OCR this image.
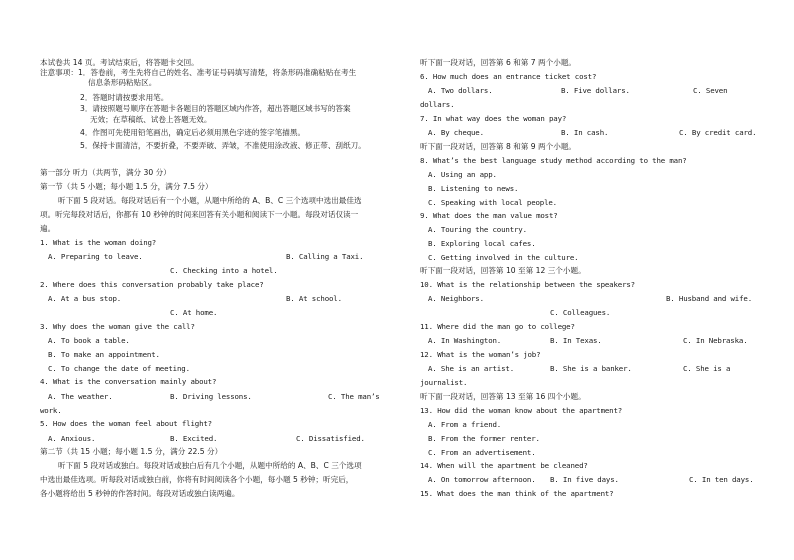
本试卷共 14 页。考试结束后，将答题卡交回。
注意事项：1．答卷前，考生先将自己的姓名、准考证号码填写清楚，将条形码准确粘贴在考生
信息条形码粘贴区。
2．答题时请按要求用笔。
3．请按照题号顺序在答题卡各题目的答题区域内作答，超出答题区域书写的答案
无效；在草稿纸、试卷上答题无效。
4．作图可先使用铅笔画出，确定后必须用黑色字迹的签字笔描黑。
5．保持卡面清洁，不要折叠，不要弄破、弄皱，不准使用涂改液、修正带、刮纸刀。
第一部分 听力（共两节，满分 30 分）
第一节（共 5 小题；每小题 1.5 分，满分 7.5 分）
听下面 5 段对话。每段对话后有一个小题，从题中所给的 A、B、C 三个选项中选出最佳选
项。听完每段对话后，你都有 10 秒钟的时间来回答有关小题和阅读下一小题。每段对话仅读一
遍。
1. What is the woman doing?
A. Preparing to leave.	B. Calling a Taxi.
C. Checking into a hotel.
2. Where does this conversation probably take place?
A. At a bus stop.	B. At school.
C. At home.
3. Why does the woman give the call?
A. To book a table.
B. To make an appointment.
C. To change the date of meeting.
4. What is the conversation mainly about?
A. The weather.	B. Driving lessons.	C. The man’s
work.
5. How does the woman feel about flight?
A. Anxious.	B. Excited.	C. Dissatisfied.
第二节（共 15 小题；每小题 1.5 分，满分 22.5 分）
听下面 5 段对话或独白。每段对话或独白后有几个小题，从题中所给的 A、B、C 三个选项
中选出最佳选项。听每段对话或独白前，你将有时间阅读各个小题，每小题 5 秒钟；听完后，
各小题将给出 5 秒钟的作答时间。每段对话或独白读两遍。
听下面一段对话，回答第 6 和第 7 两个小题。
6. How much does an entrance ticket cost?
A. Two dollars.	B. Five dollars.	C. Seven
dollars.
7. In what way does the woman pay?
A. By cheque.	B. In cash.	C. By credit card.
听下面一段对话，回答第 8 和第 9 两个小题。
8. What’s the best language study method according to the man?
A. Using an app.
B. Listening to news.
C. Speaking with local people.
9. What does the man value most?
A. Touring the country.
B. Exploring local cafes.
C. Getting involved in the culture.
听下面一段对话，回答第 10 至第 12 三个小题。
10. What is the relationship between the speakers?
A. Neighbors.	B. Husband and wife.
C. Colleagues.
11. Where did the man go to college?
A. In Washington.	B. In Texas.	C. In Nebraska.
12. What is the woman’s job?
A. She is an artist.	B. She is a banker.	C. She is a
journalist.
听下面一段对话，回答第 13 至第 16 四个小题。
13. How did the woman know about the apartment?
A. From a friend.
B. From the former renter.
C. From an advertisement.
14. When will the apartment be cleaned?
A. On tomorrow afternoon. B. In five days.	C. In ten days.
15. What does the man think of the apartment?
